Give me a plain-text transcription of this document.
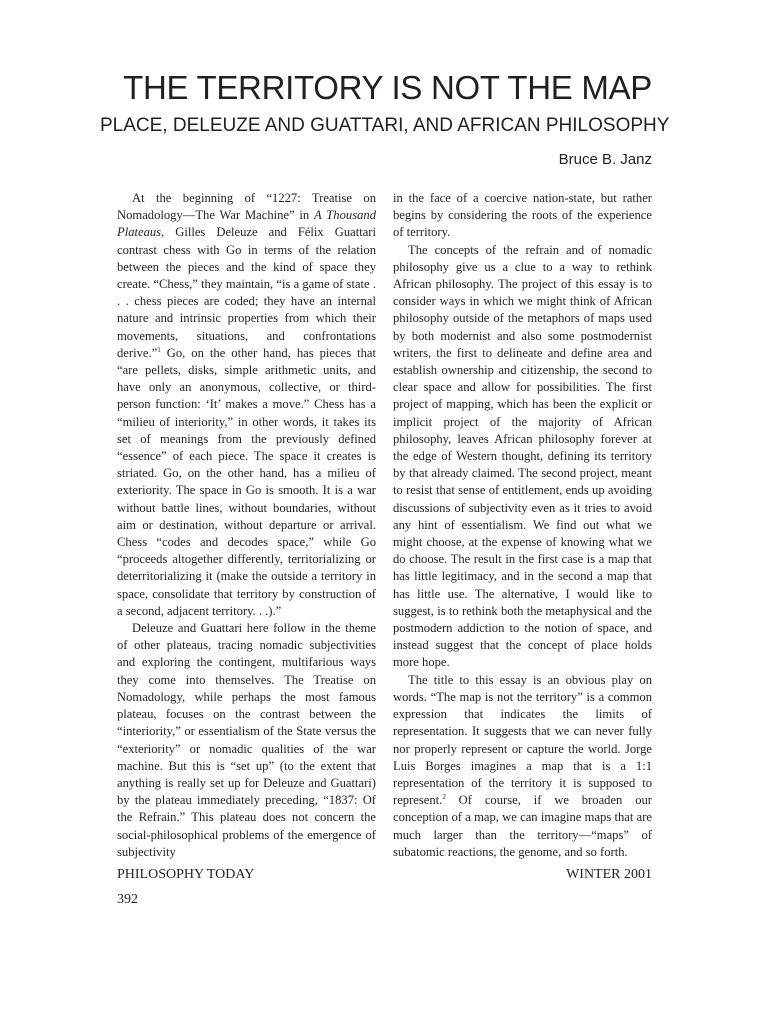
THE TERRITORY IS NOT THE MAP
PLACE, DELEUZE AND GUATTARI, AND AFRICAN PHILOSOPHY

Bruce B. Janz

At the beginning of “1227: Treatise on Nomadology—The War Machine” in A Thousand Plateaus, Gilles Deleuze and Félix Guattari contrast chess with Go in terms of the relation between the pieces and the kind of space they create. “Chess,” they maintain, “is a game of state . . . chess pieces are coded; they have an internal nature and intrinsic properties from which their movements, situations, and confrontations derive.”$^1$ Go, on the other hand, has pieces that “are pellets, disks, simple arithmetic units, and have only an anonymous, collective, or third-person function: ‘It’ makes a move.” Chess has a “milieu of interiority,” in other words, it takes its set of meanings from the previously defined “essence” of each piece. The space it creates is striated. Go, on the other hand, has a milieu of exteriority. The space in Go is smooth. It is a war without battle lines, without boundaries, without aim or destination, without departure or arrival. Chess “codes and decodes space,” while Go “proceeds altogether differently, territorializing or deterritorializing it (make the outside a territory in space, consolidate that territory by construction of a second, adjacent territory. . .).”

Deleuze and Guattari here follow in the theme of other plateaus, tracing nomadic subjectivities and exploring the contingent, multifarious ways they come into themselves. The Treatise on Nomadology, while perhaps the most famous plateau, focuses on the contrast between the “interiority,” or essentialism of the State versus the “exteriority” or nomadic qualities of the war machine. But this is “set up” (to the extent that anything is really set up for Deleuze and Guattari) by the plateau immediately preceding, “1837: Of the Refrain.” This plateau does not concern the social-philosophical problems of the emergence of subjectivity

in the face of a coercive nation-state, but rather begins by considering the roots of the experience of territory.

The concepts of the refrain and of nomadic philosophy give us a clue to a way to rethink African philosophy. The project of this essay is to consider ways in which we might think of African philosophy outside of the metaphors of maps used by both modernist and also some postmodernist writers, the first to delineate and define area and establish ownership and citizenship, the second to clear space and allow for possibilities. The first project of mapping, which has been the explicit or implicit project of the majority of African philosophy, leaves African philosophy forever at the edge of Western thought, defining its territory by that already claimed. The second project, meant to resist that sense of entitlement, ends up avoiding discussions of subjectivity even as it tries to avoid any hint of essentialism. We find out what we might choose, at the expense of knowing what we do choose. The result in the first case is a map that has little legitimacy, and in the second a map that has little use. The alternative, I would like to suggest, is to rethink both the metaphysical and the postmodern addiction to the notion of space, and instead suggest that the concept of place holds more hope.

The title to this essay is an obvious play on words. “The map is not the territory” is a common expression that indicates the limits of representation. It suggests that we can never fully nor properly represent or capture the world. Jorge Luis Borges imagines a map that is a 1:1 representation of the territory it is supposed to represent.$^2$ Of course, if we broaden our conception of a map, we can imagine maps that are much larger than the territory—“maps” of subatomic reactions, the genome, and so forth.

PHILOSOPHY TODAY	WINTER 2001

392
